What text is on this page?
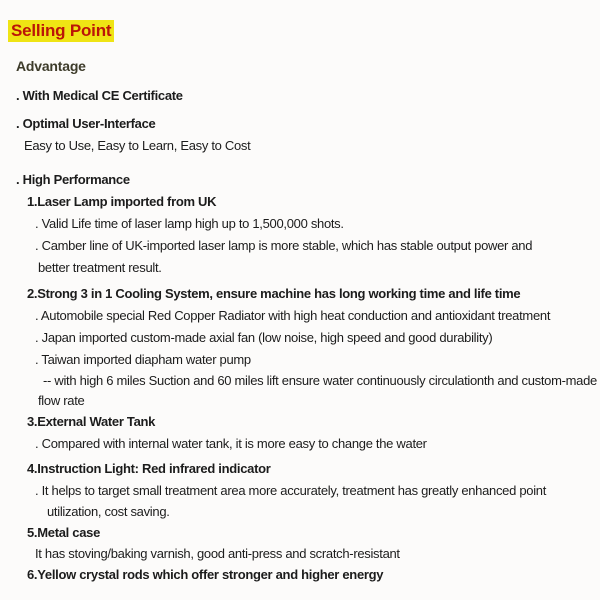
Selling Point
Advantage
. With Medical CE Certificate
. Optimal User-Interface
Easy to Use, Easy to Learn, Easy to Cost
. High Performance
1.Laser Lamp imported from UK
. Valid Life time of laser lamp high up to 1,500,000 shots.
. Camber line of UK-imported laser lamp is more stable, which has stable output power and
better treatment result.
2.Strong 3 in 1 Cooling System, ensure machine has long working time and life time
. Automobile special Red Copper Radiator with high heat conduction and antioxidant treatment
. Japan imported custom-made axial fan (low noise, high speed and good durability)
. Taiwan imported diapham water pump
-- with high 6 miles Suction and 60 miles lift ensure water continuously circulationth and custom-made
flow rate
3.External Water Tank
. Compared with internal water tank, it is more easy to change the water
4.Instruction Light: Red infrared indicator
. It helps to target small treatment area more accurately, treatment has greatly enhanced point
utilization, cost saving.
5.Metal case
It has stoving/baking varnish, good anti-press and scratch-resistant
6.Yellow crystal rods which offer stronger and higher energy
